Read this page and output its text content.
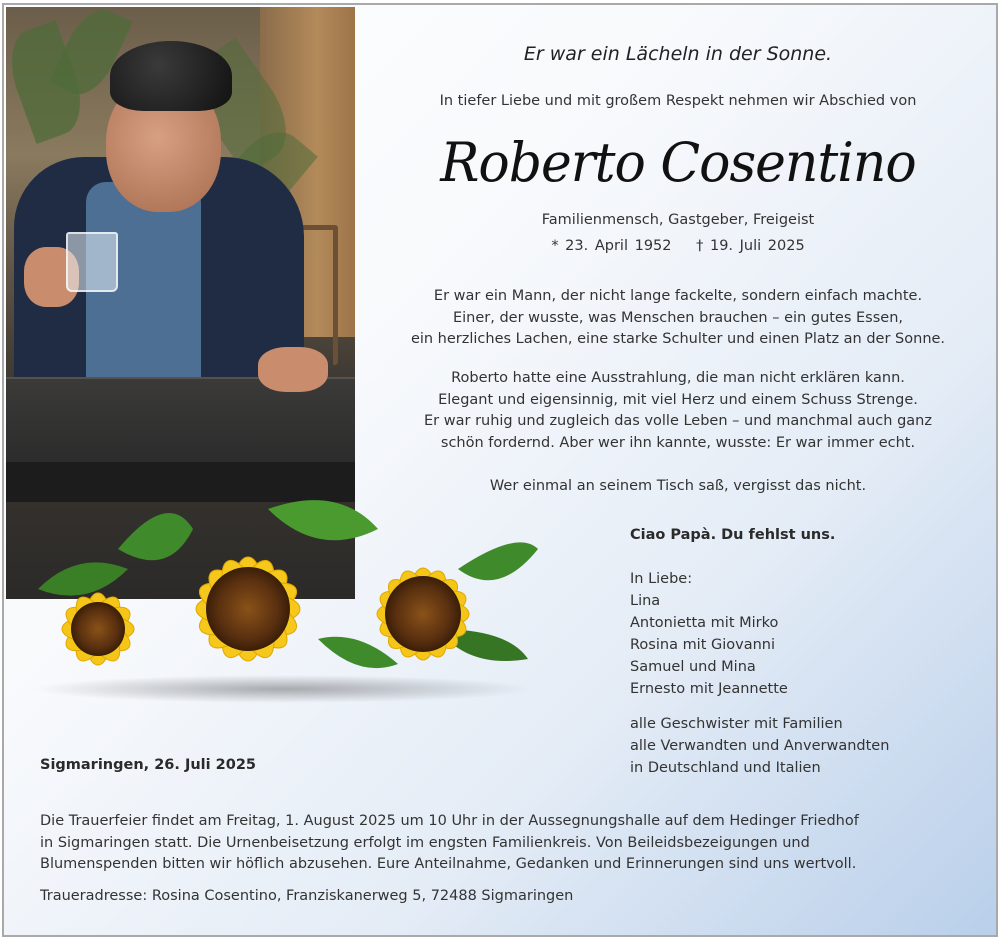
Er war ein Lächeln in der Sonne.
In tiefer Liebe und mit großem Respekt nehmen wir Abschied von
Roberto Cosentino
Familienmensch, Gastgeber, Freigeist
* 23. April 1952 † 19. Juli 2025
Er war ein Mann, der nicht lange fackelte, sondern einfach machte.
Einer, der wusste, was Menschen brauchen – ein gutes Essen,
ein herzliches Lachen, eine starke Schulter und einen Platz an der Sonne.
Roberto hatte eine Ausstrahlung, die man nicht erklären kann.
Elegant und eigensinnig, mit viel Herz und einem Schuss Strenge.
Er war ruhig und zugleich das volle Leben – und manchmal auch ganz
schön fordernd. Aber wer ihn kannte, wusste: Er war immer echt.
Wer einmal an seinem Tisch saß, vergisst das nicht.
Ciao Papà. Du fehlst uns.
In Liebe:
Lina
Antonietta mit Mirko
Rosina mit Giovanni
Samuel und Mina
Ernesto mit Jeannette
alle Geschwister mit Familien
alle Verwandten und Anverwandten
in Deutschland und Italien
Sigmaringen, 26. Juli 2025
Die Trauerfeier findet am Freitag, 1. August 2025 um 10 Uhr in der Aussegnungshalle auf dem Hedinger Friedhof
in Sigmaringen statt. Die Urnenbeisetzung erfolgt im engsten Familienkreis. Von Beileidsbezeigungen und
Blumenspenden bitten wir höflich abzusehen. Eure Anteilnahme, Gedanken und Erinnerungen sind uns wertvoll.
Traueradresse: Rosina Cosentino, Franziskanerweg 5, 72488 Sigmaringen
